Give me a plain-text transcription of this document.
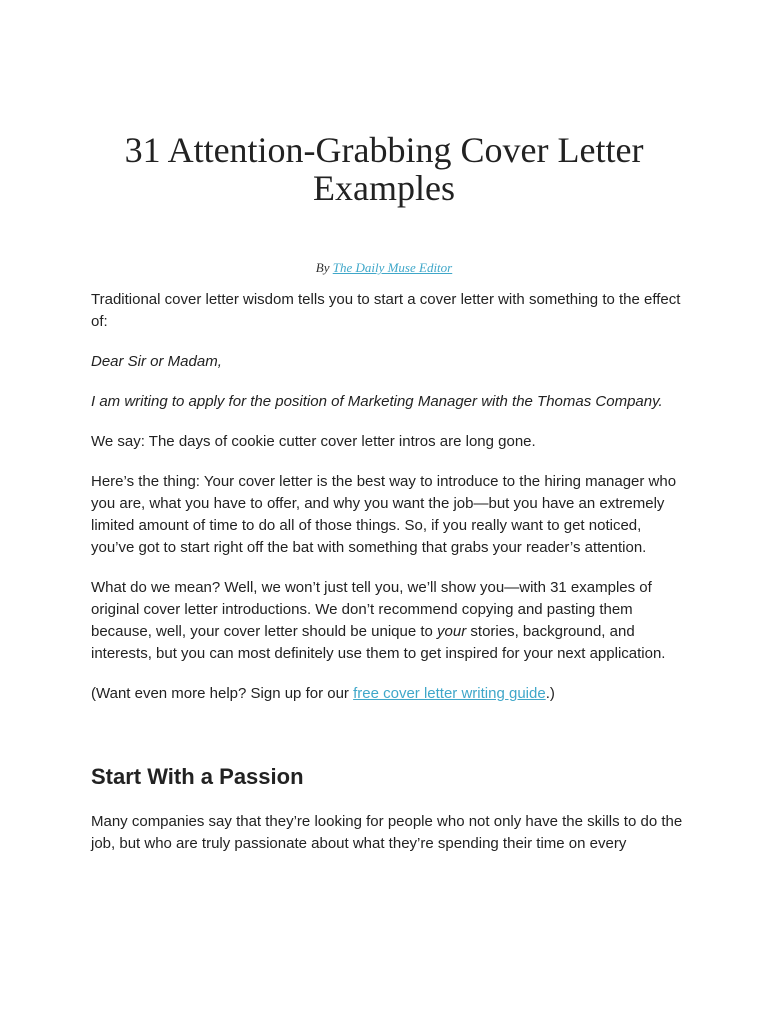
31 Attention-Grabbing Cover Letter Examples
By The Daily Muse Editor

Traditional cover letter wisdom tells you to start a cover letter with something to the effect of:

Dear Sir or Madam,

I am writing to apply for the position of Marketing Manager with the Thomas Company.

We say: The days of cookie cutter cover letter intros are long gone.

Here’s the thing: Your cover letter is the best way to introduce to the hiring manager who you are, what you have to offer, and why you want the job—but you have an extremely limited amount of time to do all of those things. So, if you really want to get noticed, you’ve got to start right off the bat with something that grabs your reader’s attention.

What do we mean? Well, we won’t just tell you, we’ll show you—with 31 examples of original cover letter introductions. We don’t recommend copying and pasting them because, well, your cover letter should be unique to your stories, background, and interests, but you can most definitely use them to get inspired for your next application.

(Want even more help? Sign up for our free cover letter writing guide.)

Start With a Passion

Many companies say that they’re looking for people who not only have the skills to do the job, but who are truly passionate about what they’re spending their time on every
